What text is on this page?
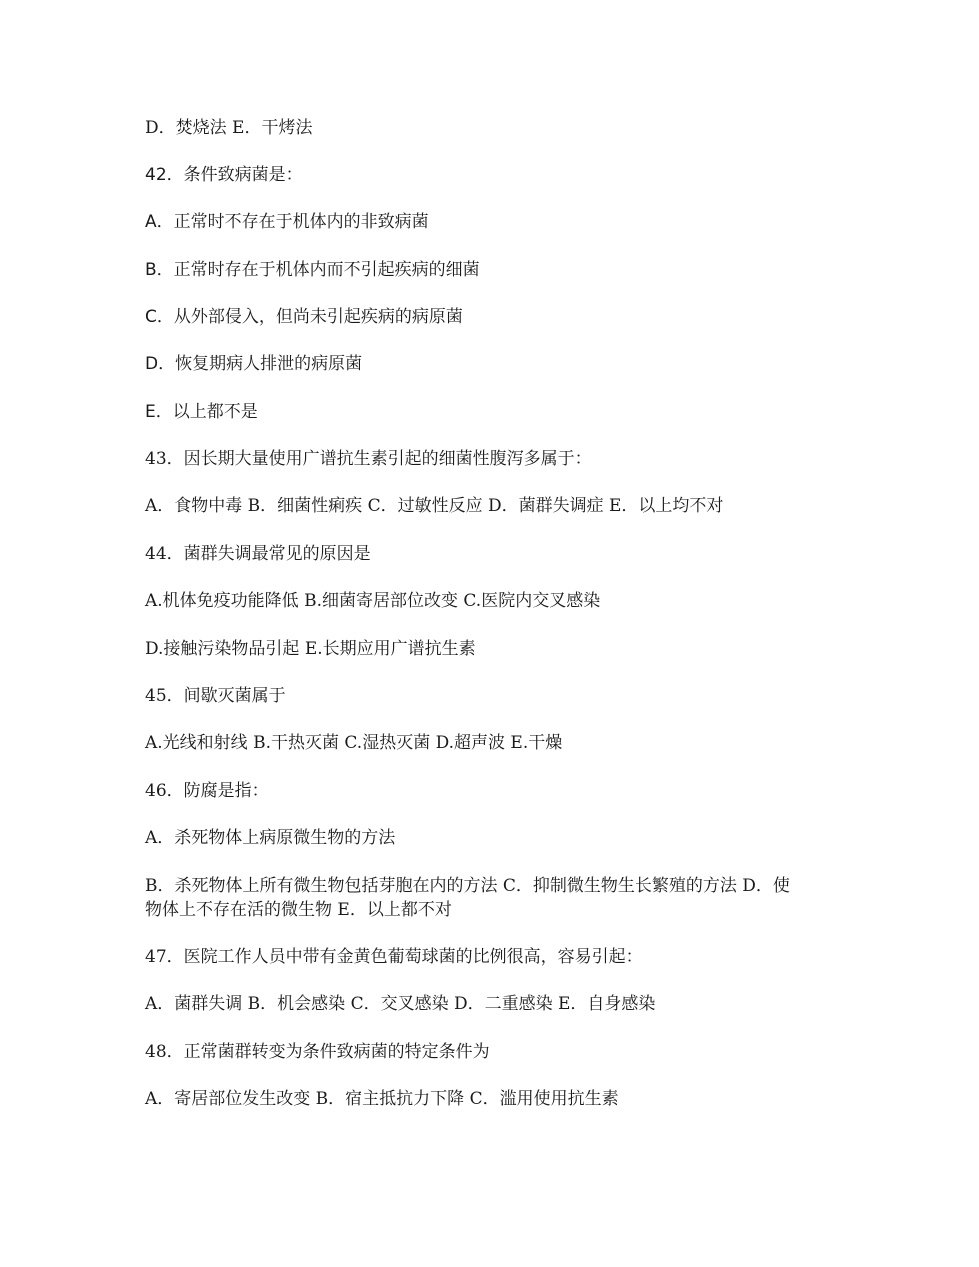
D．焚烧法 E．干烤法
42．条件致病菌是：
A．正常时不存在于机体内的非致病菌
B．正常时存在于机体内而不引起疾病的细菌
C．从外部侵入，但尚未引起疾病的病原菌
D．恢复期病人排泄的病原菌
E．以上都不是
43．因长期大量使用广谱抗生素引起的细菌性腹泻多属于：
A．食物中毒 B．细菌性痢疾 C．过敏性反应 D．菌群失调症 E．以上均不对
44．菌群失调最常见的原因是
A.机体免疫功能降低 B.细菌寄居部位改变 C.医院内交叉感染
D.接触污染物品引起 E.长期应用广谱抗生素
45．间歇灭菌属于
A.光线和射线 B.干热灭菌 C.湿热灭菌 D.超声波 E.干燥
46．防腐是指：
A．杀死物体上病原微生物的方法
B．杀死物体上所有微生物包括芽胞在内的方法 C．抑制微生物生长繁殖的方法 D．使物体上不存在活的微生物 E．以上都不对
47．医院工作人员中带有金黄色葡萄球菌的比例很高，容易引起：
A．菌群失调 B．机会感染 C．交叉感染 D．二重感染 E．自身感染
48．正常菌群转变为条件致病菌的特定条件为
A．寄居部位发生改变 B．宿主抵抗力下降 C．滥用使用抗生素
